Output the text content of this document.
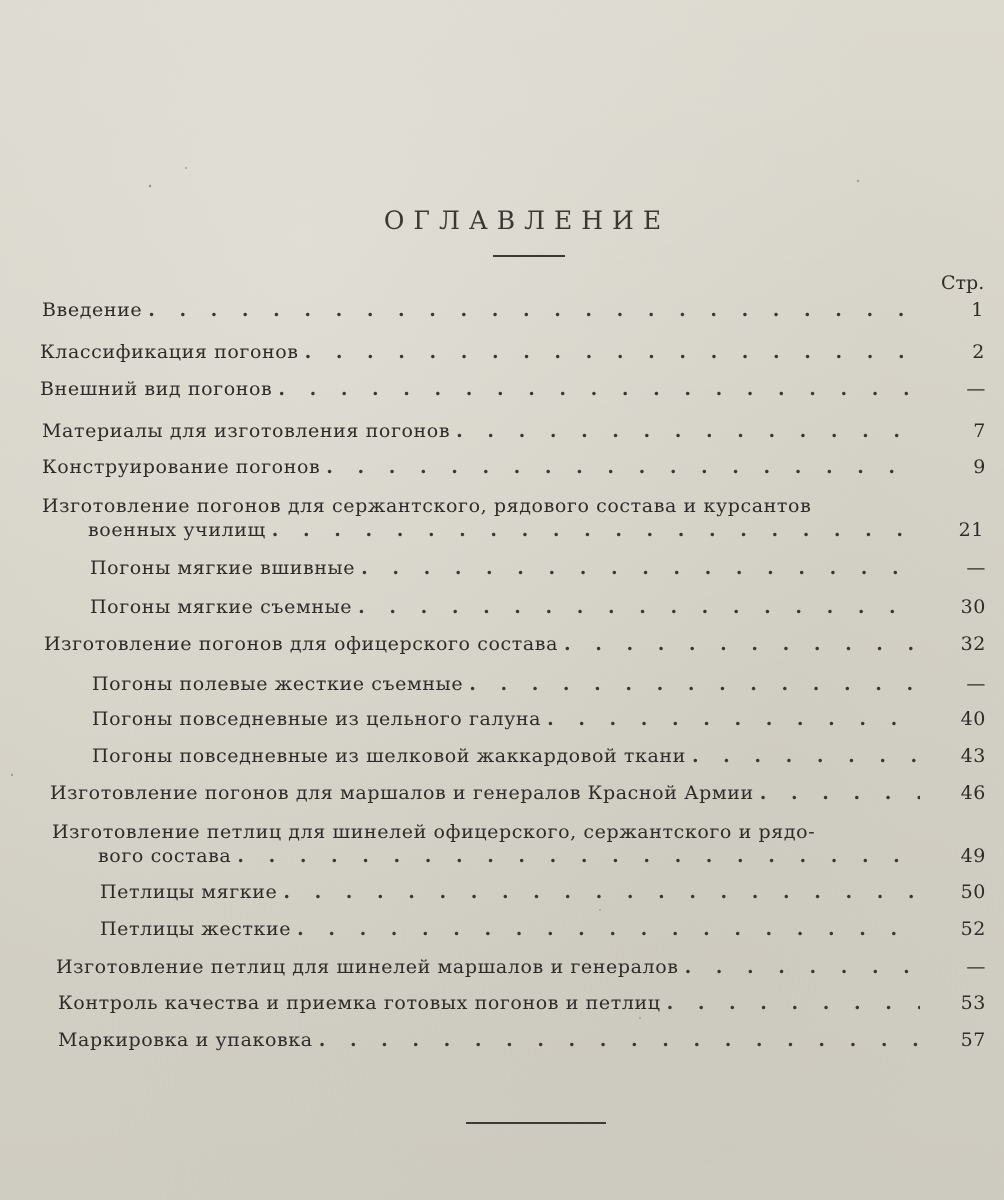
ОГЛАВЛЕНИЕ
Стр.
Введение . . .	1
Классификация погонов . . .	2
Внешний вид погонов . . .	—
Материалы для изготовления погонов . . .	7
Конструирование погонов . . .	9
Изготовление погонов для сержантского, рядового состава и курсантов
военных училищ . . .	21
Погоны мягкие вшивные . . .	—
Погоны мягкие съемные . . .	30
Изготовление погонов для офицерского состава . . .	32
Погоны полевые жесткие съемные . . .	—
Погоны повседневные из цельного галуна . . .	40
Погоны повседневные из шелковой жаккардовой ткани . . .	43
Изготовление погонов для маршалов и генералов Красной Армии . . .	46
Изготовление петлиц для шинелей офицерского, сержантского и рядо-
вого состава . . .	49
Петлицы мягкие . . .	50
Петлицы жесткие . . .	52
Изготовление петлиц для шинелей маршалов и генералов . . .	—
Контроль качества и приемка готовых погонов и петлиц . . .	53
Маркировка и упаковка . . .	57
